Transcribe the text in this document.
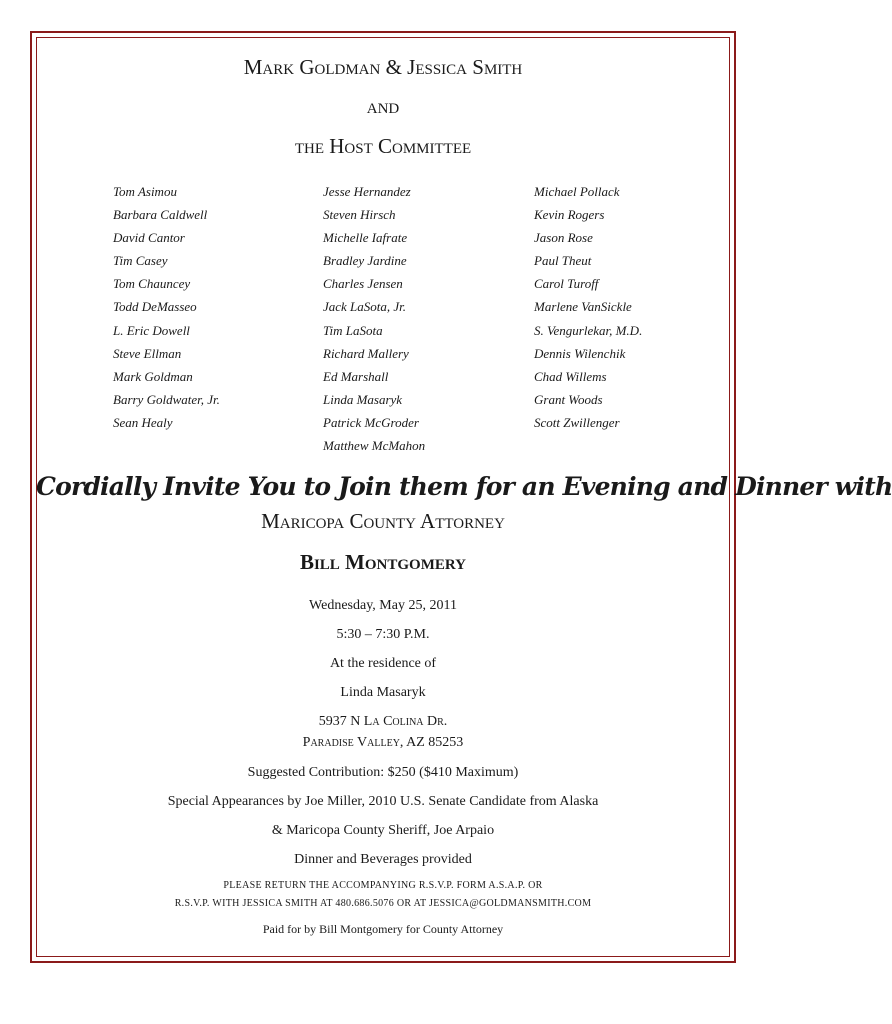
Mark Goldman & Jessica Smith
and
the Host Committee
Tom Asimou
Barbara Caldwell
David Cantor
Tim Casey
Tom Chauncey
Todd DeMasseo
L. Eric Dowell
Steve Ellman
Mark Goldman
Barry Goldwater, Jr.
Sean Healy
Jesse Hernandez
Steven Hirsch
Michelle Iafrate
Bradley Jardine
Charles Jensen
Jack LaSota, Jr.
Tim LaSota
Richard Mallery
Ed Marshall
Linda Masaryk
Patrick McGroder
Matthew McMahon
Michael Pollack
Kevin Rogers
Jason Rose
Paul Theut
Carol Turoff
Marlene VanSickle
S. Vengurlekar, M.D.
Dennis Wilenchik
Chad Willems
Grant Woods
Scott Zwillenger
Cordially Invite You to Join them for an Evening and Dinner with
Maricopa County Attorney
Bill Montgomery
Wednesday, May 25, 2011
5:30 – 7:30 P.M.
At the residence of
Linda Masaryk
5937 N La Colina Dr.
Paradise Valley, AZ 85253
Suggested Contribution: $250 ($410 Maximum)
Special Appearances by Joe Miller, 2010 U.S. Senate Candidate from Alaska
& Maricopa County Sheriff, Joe Arpaio
Dinner and Beverages provided
PLEASE RETURN THE ACCOMPANYING R.S.V.P. FORM A.S.A.P. OR
R.S.V.P. WITH JESSICA SMITH AT 480.686.5076 OR AT JESSICA@GOLDMANSMITH.COM
Paid for by Bill Montgomery for County Attorney
